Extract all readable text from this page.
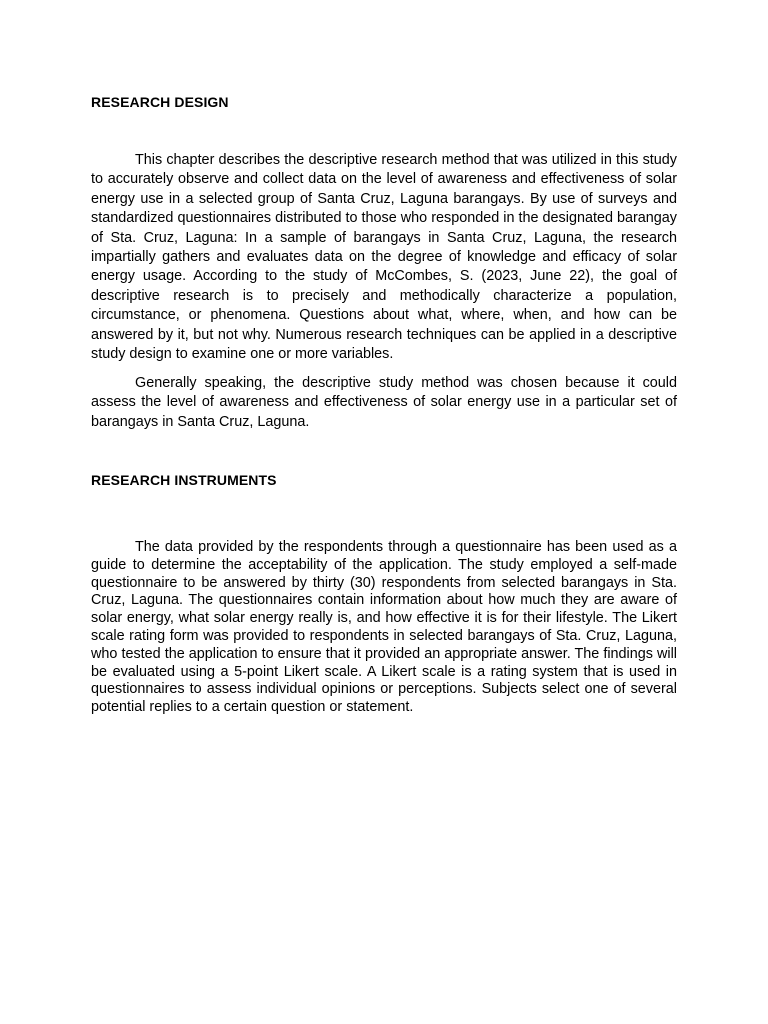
RESEARCH DESIGN

This chapter describes the descriptive research method that was utilized in this study to accurately observe and collect data on the level of awareness and effectiveness of solar energy use in a selected group of Santa Cruz, Laguna barangays. By use of surveys and standardized questionnaires distributed to those who responded in the designated barangay of Sta. Cruz, Laguna: In a sample of barangays in Santa Cruz, Laguna, the research impartially gathers and evaluates data on the degree of knowledge and efficacy of solar energy usage. According to the study of McCombes, S. (2023, June 22), the goal of descriptive research is to precisely and methodically characterize a population, circumstance, or phenomena. Questions about what, where, when, and how can be answered by it, but not why. Numerous research techniques can be applied in a descriptive study design to examine one or more variables.

Generally speaking, the descriptive study method was chosen because it could assess the level of awareness and effectiveness of solar energy use in a particular set of barangays in Santa Cruz, Laguna.

RESEARCH INSTRUMENTS

The data provided by the respondents through a questionnaire has been used as a guide to determine the acceptability of the application. The study employed a self-made questionnaire to be answered by thirty (30) respondents from selected barangays in Sta. Cruz, Laguna. The questionnaires contain information about how much they are aware of solar energy, what solar energy really is, and how effective it is for their lifestyle. The Likert scale rating form was provided to respondents in selected barangays of Sta. Cruz, Laguna, who tested the application to ensure that it provided an appropriate answer. The findings will be evaluated using a 5-point Likert scale. A Likert scale is a rating system that is used in questionnaires to assess individual opinions or perceptions. Subjects select one of several potential replies to a certain question or statement.
